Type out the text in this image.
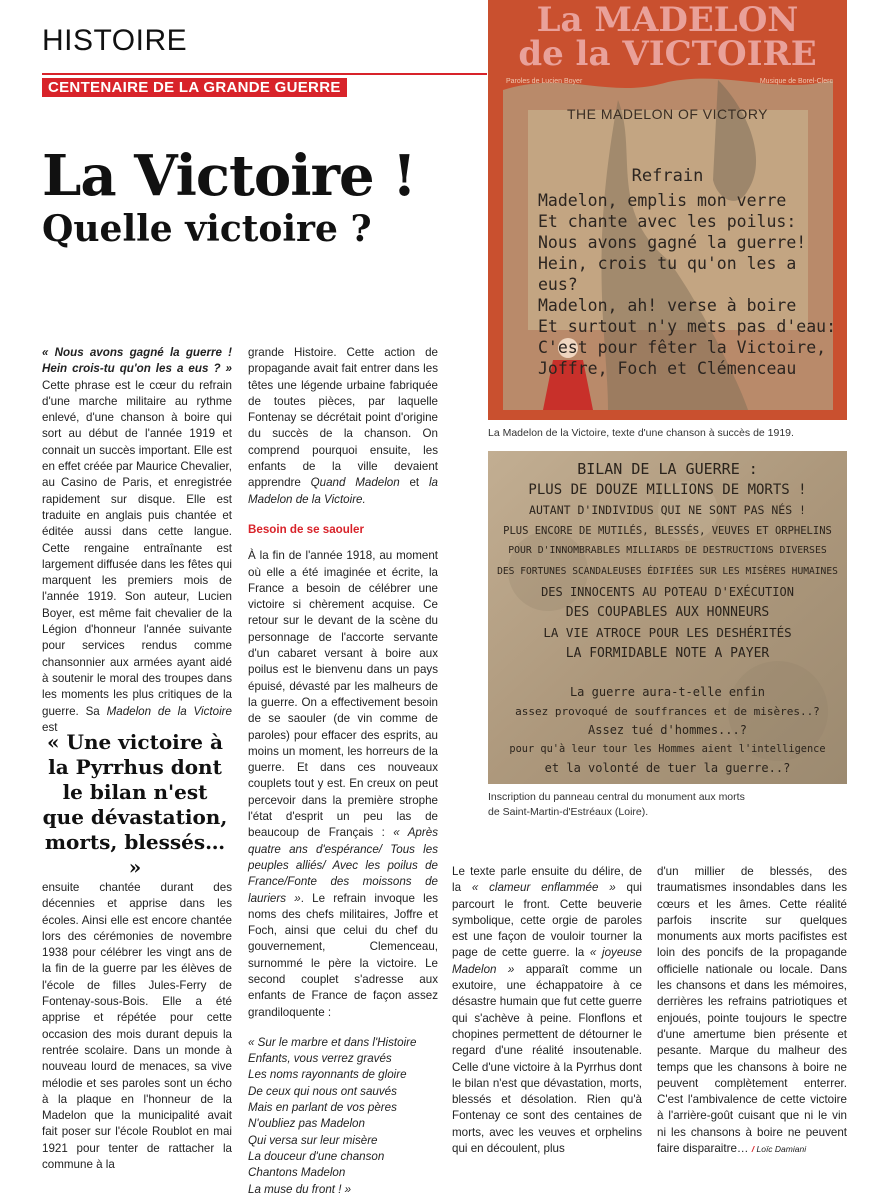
HISTOIRE
CENTENAIRE DE LA GRANDE GUERRE
La Victoire !
Quelle victoire ?

« Nous avons gagné la guerre ! Hein crois-tu qu'on les a eus ? » Cette phrase est le cœur du refrain d'une marche militaire au rythme enlevé, d'une chanson à boire qui sort au début de l'année 1919 et connait un succès important. Elle est en effet créée par Maurice Chevalier, au Casino de Paris, et enregistrée rapidement sur disque. Elle est traduite en anglais puis chantée et éditée aussi dans cette langue. Cette rengaine entraînante est largement diffusée dans les fêtes qui marquent les premiers mois de l'année 1919. Son auteur, Lucien Boyer, est même fait chevalier de la Légion d'honneur l'année suivante pour services rendus comme chansonnier aux armées ayant aidé à soutenir le moral des troupes dans les moments les plus critiques de la guerre. Sa Madelon de la Victoire est

« Une victoire à la Pyrrhus dont le bilan n'est que dévastation, morts, blessés… »

ensuite chantée durant des décennies et apprise dans les écoles. Ainsi elle est encore chantée lors des cérémonies de novembre 1938 pour célébrer les vingt ans de la fin de la guerre par les élèves de l'école de filles Jules-Ferry de Fontenay-sous-Bois. Elle a été apprise et répétée pour cette occasion des mois durant depuis la rentrée scolaire. Dans un monde à nouveau lourd de menaces, sa vive mélodie et ses paroles sont un écho à la plaque en l'honneur de la Madelon que la municipalité avait fait poser sur l'école Roublot en mai 1921 pour tenter de rattacher la commune à la

grande Histoire. Cette action de propagande avait fait entrer dans les têtes une légende urbaine fabriquée de toutes pièces, par laquelle Fontenay se décrétait point d'origine du succès de la chanson. On comprend pourquoi ensuite, les enfants de la ville devaient apprendre Quand Madelon et la Madelon de la Victoire.

Besoin de se saouler

À la fin de l'année 1918, au moment où elle a été imaginée et écrite, la France a besoin de célébrer une victoire si chèrement acquise. Ce retour sur le devant de la scène du personnage de l'accorte servante d'un cabaret versant à boire aux poilus est le bienvenu dans un pays épuisé, dévasté par les malheurs de la guerre. On a effectivement besoin de se saouler (de vin comme de paroles) pour effacer des esprits, au moins un moment, les horreurs de la guerre. Et dans ces nouveaux couplets tout y est. En creux on peut percevoir dans la première strophe l'état d'esprit un peu las de beaucoup de Français : « Après quatre ans d'espérance/ Tous les peuples alliés/ Avec les poilus de France/Fonte des moissons de lauriers ». Le refrain invoque les noms des chefs militaires, Joffre et Foch, ainsi que celui du chef du gouvernement, Clemenceau, surnommé le père la victoire. Le second couplet s'adresse aux enfants de France de façon assez grandiloquente :

« Sur le marbre et dans l'Histoire
Enfants, vous verrez gravés
Les noms rayonnants de gloire
De ceux qui nous ont sauvés
Mais en parlant de vos pères
N'oubliez pas Madelon
Qui versa sur leur misère
La douceur d'une chanson
Chantons Madelon
La muse du front ! »

Le texte parle ensuite du délire, de la « clameur enflammée » qui parcourt le front. Cette beuverie symbolique, cette orgie de paroles est une façon de vouloir tourner la page de cette guerre. la « joyeuse Madelon » apparaît comme un exutoire, une échappatoire à ce désastre humain que fut cette guerre qui s'achève à peine. Flonflons et chopines permettent de détourner le regard d'une réalité insoutenable. Celle d'une victoire à la Pyrrhus dont le bilan n'est que dévastation, morts, blessés et désolation. Rien qu'à Fontenay ce sont des centaines de morts, avec les veuves et orphelins qui en découlent, plus

d'un millier de blessés, des traumatismes insondables dans les cœurs et les âmes. Cette réalité parfois inscrite sur quelques monuments aux morts pacifistes est loin des poncifs de la propagande officielle nationale ou locale. Dans les chansons et dans les mémoires, derrières les refrains patriotiques et enjoués, pointe toujours le spectre d'une amertume bien présente et pesante. Marque du malheur des temps que les chansons à boire ne peuvent complètement enterrer. C'est l'ambivalence de cette victoire à l'arrière-goût cuisant que ni le vin ni les chansons à boire ne peuvent faire disparaitre… / Loïc Damiani

La MADELON
de la VICTOIRE
Paroles de Lucien Boyer	Musique de Borel-Clerc
THE MADELON OF VICTORY
Refrain
Madelon, emplis mon verre
Et chante avec les poilus:
Nous avons gagné la guerre!
Hein, crois tu qu'on les a eus?
Madelon, ah! verse à boire
Et surtout n'y mets pas d'eau:
C'est pour fêter la Victoire,
Joffre, Foch et Clémenceau
La Madelon de la Victoire, texte d'une chanson à succès de 1919.
BILAN DE LA GUERRE :
PLUS DE DOUZE MILLIONS DE MORTS !
AUTANT D'INDIVIDUS QUI NE SONT PAS NÉS !
PLUS ENCORE DE MUTILÉS, BLESSÉS, VEUVES ET ORPHELINS
POUR D'INNOMBRABLES MILLIARDS DE DESTRUCTIONS DIVERSES
DES FORTUNES SCANDALEUSES ÉDIFIÉES SUR LES MISÈRES HUMAINES
DES INNOCENTS AU POTEAU D'EXÉCUTION
DES COUPABLES AUX HONNEURS
LA VIE ATROCE POUR LES DESHÉRITÉS
LA FORMIDABLE NOTE A PAYER
La guerre aura-t-elle enfin
assez provoqué de souffrances et de misères..?
Assez tué d'hommes...?
pour qu'à leur tour les Hommes aient l'intelligence
et la volonté de tuer la guerre..?
Inscription du panneau central du monument aux morts
de Saint-Martin-d'Estréaux (Loire).
